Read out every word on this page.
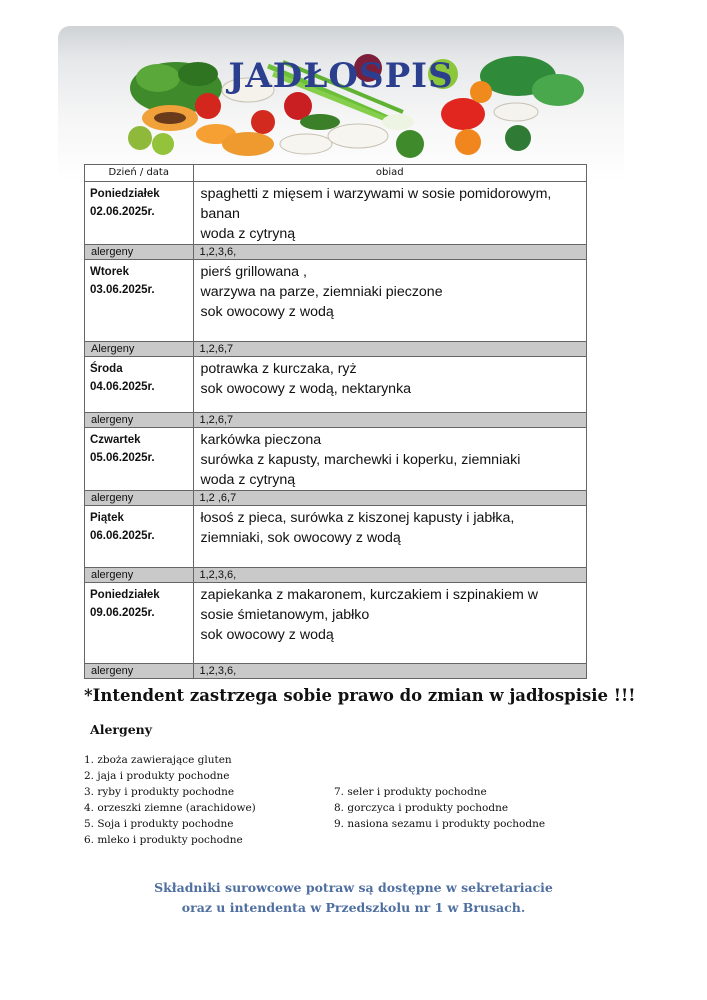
JADŁOSPIS
Dzień / data	obiad

Poniedziałek
02.06.2025r.	spaghetti z mięsem i warzywami w sosie pomidorowym,
banan
woda z cytryną

alergeny	1,2,3,6,

Wtorek
03.06.2025r.	pierś grillowana ,
warzywa na parze, ziemniaki pieczone
sok owocowy z wodą

Alergeny	1,2,6,7

Środa
04.06.2025r.	potrawka z kurczaka, ryż
sok owocowy z wodą, nektarynka

alergeny	1,2,6,7

Czwartek
05.06.2025r.	karkówka pieczona
surówka z kapusty, marchewki i koperku, ziemniaki
woda z cytryną

alergeny	1,2 ,6,7

Piątek
06.06.2025r.	łosoś z pieca, surówka z kiszonej kapusty i jabłka,
ziemniaki, sok owocowy z wodą

alergeny	1,2,3,6,

Poniedziałek
09.06.2025r.	zapiekanka z makaronem, kurczakiem i szpinakiem w
sosie śmietanowym, jabłko
sok owocowy z wodą

alergeny	1,2,3,6,
*Intendent zastrzega sobie prawo do zmian w jadłospisie !!!
Alergeny
1. zboża zawierające gluten
2. jaja i produkty pochodne
3. ryby i produkty pochodne
4. orzeszki ziemne (arachidowe)
5. Soja i produkty pochodne
6. mleko i produkty pochodne
7. seler i produkty pochodne
8. gorczyca i produkty pochodne
9. nasiona sezamu i produkty pochodne
Składniki surowcowe potraw są dostępne w sekretariacie
oraz u intendenta w Przedszkolu nr 1 w Brusach.
